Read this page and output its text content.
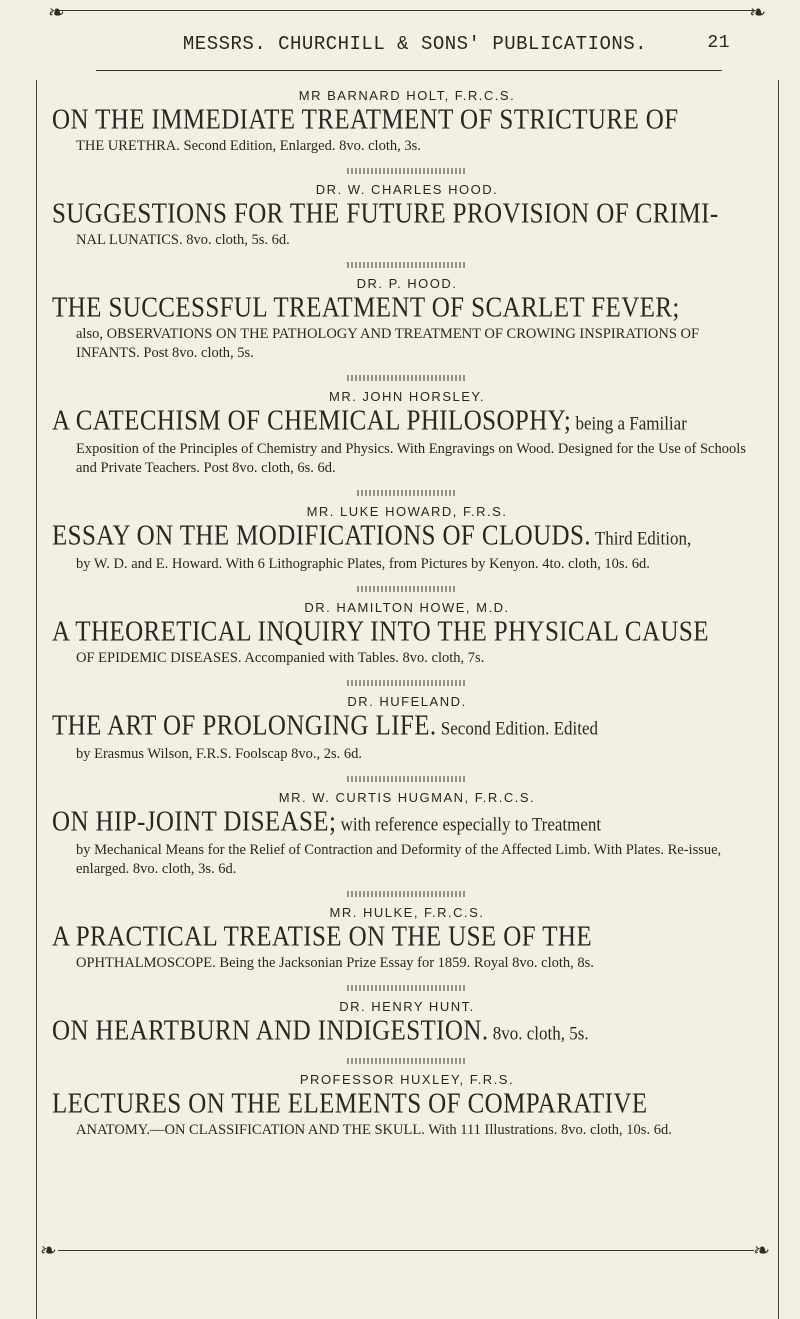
❧	❧
MESSRS. CHURCHILL & SONS' PUBLICATIONS.	21
MR BARNARD HOLT, F.R.C.S.
ON THE IMMEDIATE TREATMENT OF STRICTURE OF
THE URETHRA. Second Edition, Enlarged. 8vo. cloth, 3s.
DR. W. CHARLES HOOD.
SUGGESTIONS FOR THE FUTURE PROVISION OF CRIMI-
NAL LUNATICS. 8vo. cloth, 5s. 6d.
DR. P. HOOD.
THE SUCCESSFUL TREATMENT OF SCARLET FEVER;
also, OBSERVATIONS ON THE PATHOLOGY AND TREATMENT OF CROWING INSPIRATIONS OF INFANTS. Post 8vo. cloth, 5s.
MR. JOHN HORSLEY.
A CATECHISM OF CHEMICAL PHILOSOPHY; being a Familiar
Exposition of the Principles of Chemistry and Physics. With Engravings on Wood. Designed for the Use of Schools and Private Teachers. Post 8vo. cloth, 6s. 6d.
MR. LUKE HOWARD, F.R.S.
ESSAY ON THE MODIFICATIONS OF CLOUDS. Third Edition,
by W. D. and E. Howard. With 6 Lithographic Plates, from Pictures by Kenyon. 4to. cloth, 10s. 6d.
DR. HAMILTON HOWE, M.D.
A THEORETICAL INQUIRY INTO THE PHYSICAL CAUSE
OF EPIDEMIC DISEASES. Accompanied with Tables. 8vo. cloth, 7s.
DR. HUFELAND.
THE ART OF PROLONGING LIFE. Second Edition. Edited
by Erasmus Wilson, F.R.S. Foolscap 8vo., 2s. 6d.
MR. W. CURTIS HUGMAN, F.R.C.S.
ON HIP-JOINT DISEASE; with reference especially to Treatment
by Mechanical Means for the Relief of Contraction and Deformity of the Affected Limb. With Plates. Re-issue, enlarged. 8vo. cloth, 3s. 6d.
MR. HULKE, F.R.C.S.
A PRACTICAL TREATISE ON THE USE OF THE
OPHTHALMOSCOPE. Being the Jacksonian Prize Essay for 1859. Royal 8vo. cloth, 8s.
DR. HENRY HUNT.
ON HEARTBURN AND INDIGESTION. 8vo. cloth, 5s.
PROFESSOR HUXLEY, F.R.S.
LECTURES ON THE ELEMENTS OF COMPARATIVE
ANATOMY.—ON CLASSIFICATION AND THE SKULL. With 111 Illustrations. 8vo. cloth, 10s. 6d.
❧	❧
